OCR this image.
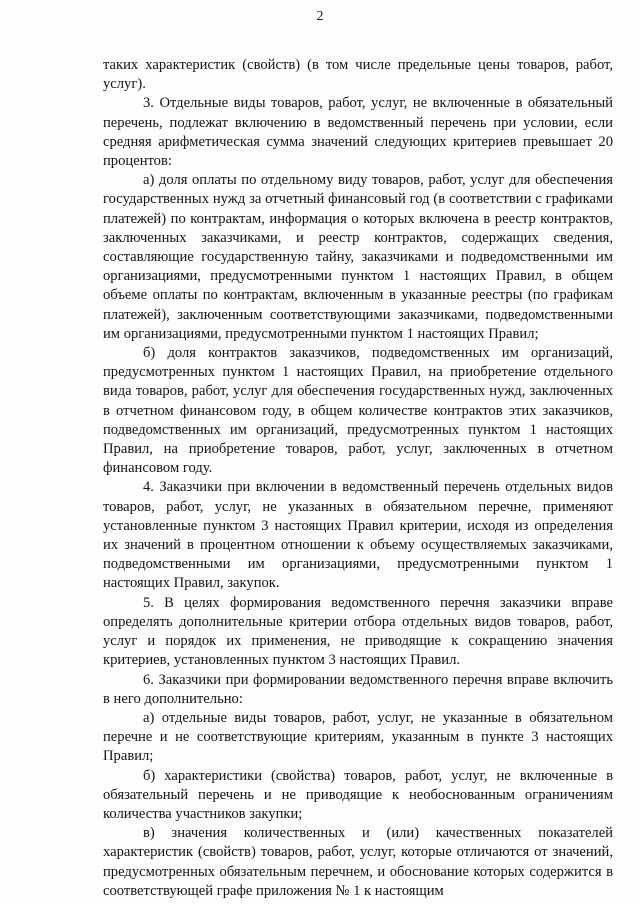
2

таких характеристик (свойств) (в том числе предельные цены товаров, работ, услуг).

3. Отдельные виды товаров, работ, услуг, не включенные в обязательный перечень, подлежат включению в ведомственный перечень при условии, если средняя арифметическая сумма значений следующих критериев превышает 20 процентов:

а) доля оплаты по отдельному виду товаров, работ, услуг для обеспечения государственных нужд за отчетный финансовый год (в соответствии с графиками платежей) по контрактам, информация о которых включена в реестр контрактов, заключенных заказчиками, и реестр контрактов, содержащих сведения, составляющие государственную тайну, заказчиками и подведомственными им организациями, предусмотренными пунктом 1 настоящих Правил, в общем объеме оплаты по контрактам, включенным в указанные реестры (по графикам платежей), заключенным соответствующими заказчиками, подведомственными им организациями, предусмотренными пунктом 1 настоящих Правил;

б) доля контрактов заказчиков, подведомственных им организаций, предусмотренных пунктом 1 настоящих Правил, на приобретение отдельного вида товаров, работ, услуг для обеспечения государственных нужд, заключенных в отчетном финансовом году, в общем количестве контрактов этих заказчиков, подведомственных им организаций, предусмотренных пунктом 1 настоящих Правил, на приобретение товаров, работ, услуг, заключенных в отчетном финансовом году.

4. Заказчики при включении в ведомственный перечень отдельных видов товаров, работ, услуг, не указанных в обязательном перечне, применяют установленные пунктом 3 настоящих Правил критерии, исходя из определения их значений в процентном отношении к объему осуществляемых заказчиками, подведомственными им организациями, предусмотренными пунктом 1 настоящих Правил, закупок.

5. В целях формирования ведомственного перечня заказчики вправе определять дополнительные критерии отбора отдельных видов товаров, работ, услуг и порядок их применения, не приводящие к сокращению значения критериев, установленных пунктом 3 настоящих Правил.

6. Заказчики при формировании ведомственного перечня вправе включить в него дополнительно:

а) отдельные виды товаров, работ, услуг, не указанные в обязательном перечне и не соответствующие критериям, указанным в пункте 3 настоящих Правил;

б) характеристики (свойства) товаров, работ, услуг, не включенные в обязательный перечень и не приводящие к необоснованным ограничениям количества участников закупки;

в) значения количественных и (или) качественных показателей характеристик (свойств) товаров, работ, услуг, которые отличаются от значений, предусмотренных обязательным перечнем, и обоснование которых содержится в соответствующей графе приложения № 1 к настоящим
